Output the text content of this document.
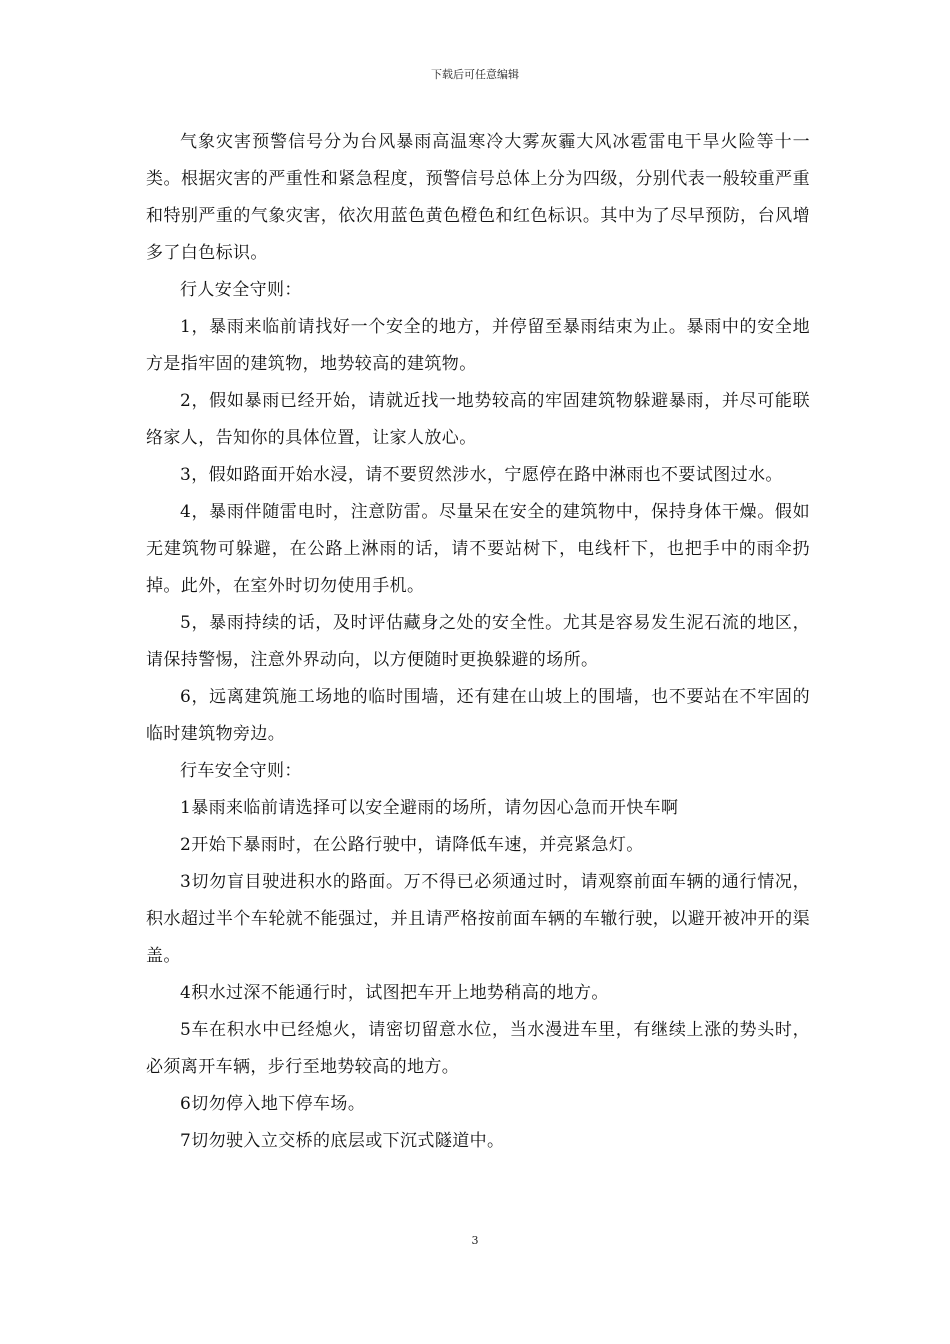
下载后可任意编辑

气象灾害预警信号分为台风暴雨高温寒冷大雾灰霾大风冰雹雷电干旱火险等十一类。根据灾害的严重性和紧急程度，预警信号总体上分为四级，分别代表一般较重严重和特别严重的气象灾害，依次用蓝色黄色橙色和红色标识。其中为了尽早预防，台风增多了白色标识。

行人安全守则：

1，暴雨来临前请找好一个安全的地方，并停留至暴雨结束为止。暴雨中的安全地方是指牢固的建筑物，地势较高的建筑物。

2，假如暴雨已经开始，请就近找一地势较高的牢固建筑物躲避暴雨，并尽可能联络家人，告知你的具体位置，让家人放心。

3，假如路面开始水浸，请不要贸然涉水，宁愿停在路中淋雨也不要试图过水。

4，暴雨伴随雷电时，注意防雷。尽量呆在安全的建筑物中，保持身体干燥。假如无建筑物可躲避，在公路上淋雨的话，请不要站树下，电线杆下，也把手中的雨伞扔掉。此外，在室外时切勿使用手机。

5，暴雨持续的话，及时评估藏身之处的安全性。尤其是容易发生泥石流的地区，请保持警惕，注意外界动向，以方便随时更换躲避的场所。

6，远离建筑施工场地的临时围墙，还有建在山坡上的围墙，也不要站在不牢固的临时建筑物旁边。

行车安全守则：

1暴雨来临前请选择可以安全避雨的场所，请勿因心急而开快车啊

2开始下暴雨时，在公路行驶中，请降低车速，并亮紧急灯。

3切勿盲目驶进积水的路面。万不得已必须通过时，请观察前面车辆的通行情况，积水超过半个车轮就不能强过，并且请严格按前面车辆的车辙行驶，以避开被冲开的渠盖。

4积水过深不能通行时，试图把车开上地势稍高的地方。

5车在积水中已经熄火，请密切留意水位，当水漫进车里，有继续上涨的势头时，必须离开车辆，步行至地势较高的地方。

6切勿停入地下停车场。

7切勿驶入立交桥的底层或下沉式隧道中。

3
